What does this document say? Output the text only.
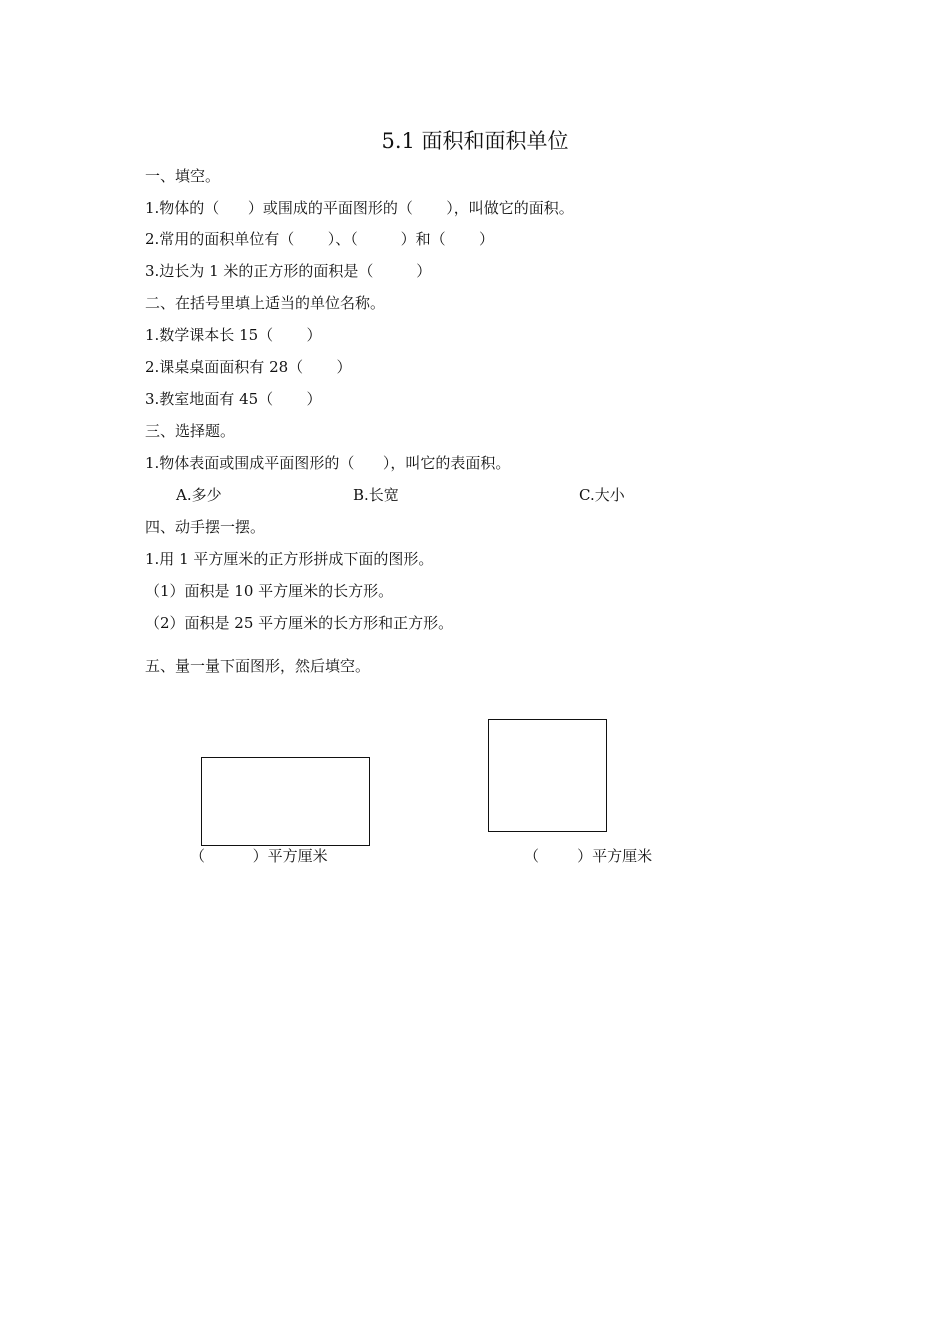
5.1 面积和面积单位
一、填空。
1.物体的（      ）或围成的平面图形的（       ），叫做它的面积。
2.常用的面积单位有（       ）、（         ）和（       ）
3.边长为 1 米的正方形的面积是（         ）
二、在括号里填上适当的单位名称。
1.数学课本长 15（       ）
2.课桌桌面面积有 28（       ）
3.教室地面有 45（       ）
三、选择题。
1.物体表面或围成平面图形的（      ），叫它的表面积。
A.多少	B.长宽	C.大小
四、动手摆一摆。
1.用 1 平方厘米的正方形拼成下面的图形。
（1）面积是 10 平方厘米的长方形。
（2）面积是 25 平方厘米的长方形和正方形。
五、量一量下面图形，然后填空。
（          ）平方厘米	（        ）平方厘米
